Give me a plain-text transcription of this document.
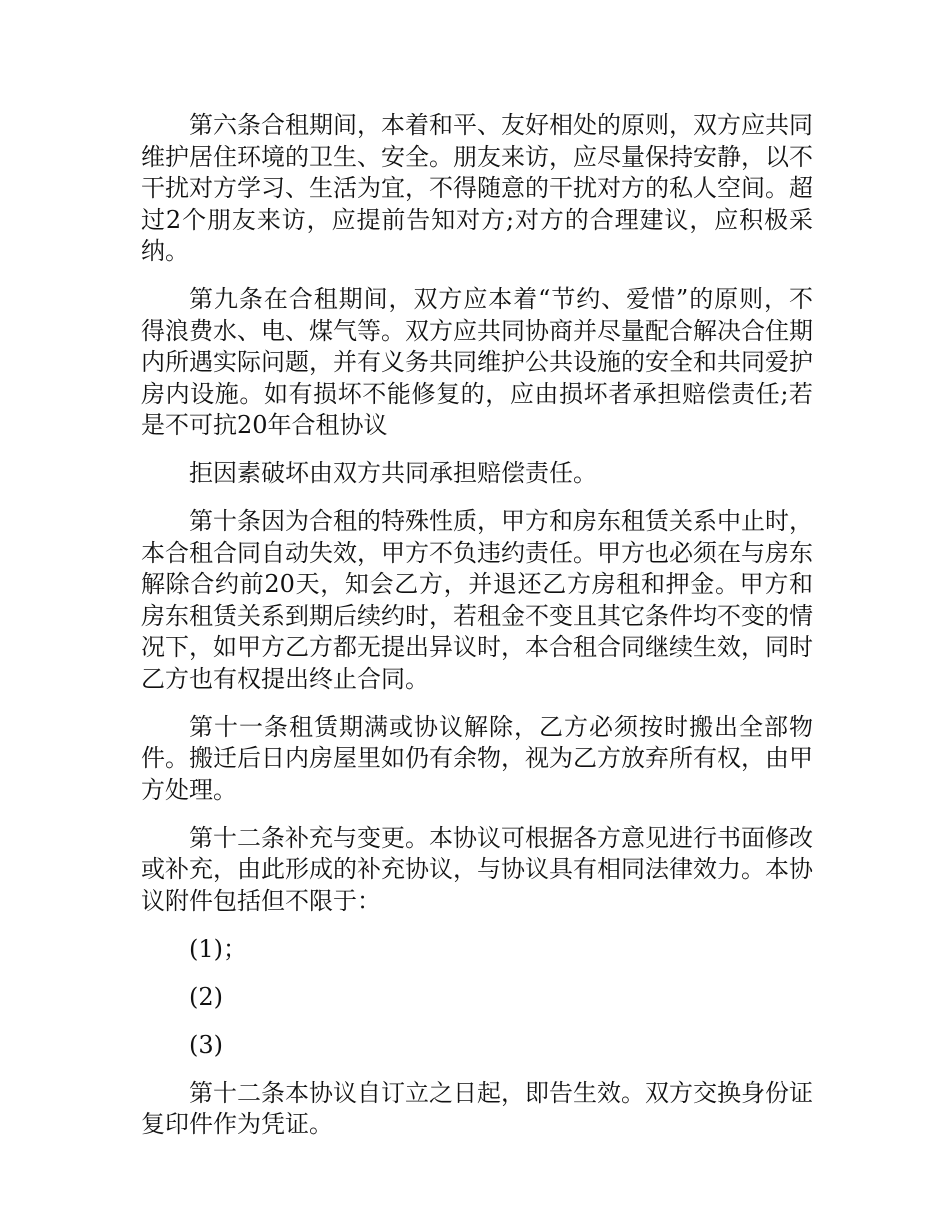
第六条合租期间，本着和平、友好相处的原则，双方应共同维护居住环境的卫生、安全。朋友来访，应尽量保持安静，以不干扰对方学习、生活为宜，不得随意的干扰对方的私人空间。超过2个朋友来访，应提前告知对方;对方的合理建议，应积极采纳。

第九条在合租期间，双方应本着“节约、爱惜”的原则，不得浪费水、电、煤气等。双方应共同协商并尽量配合解决合住期内所遇实际问题，并有义务共同维护公共设施的安全和共同爱护房内设施。如有损坏不能修复的，应由损坏者承担赔偿责任;若是不可抗20年合租协议

拒因素破坏由双方共同承担赔偿责任。

第十条因为合租的特殊性质，甲方和房东租赁关系中止时，本合租合同自动失效，甲方不负违约责任。甲方也必须在与房东解除合约前20天，知会乙方，并退还乙方房租和押金。甲方和房东租赁关系到期后续约时，若租金不变且其它条件均不变的情况下，如甲方乙方都无提出异议时，本合租合同继续生效，同时乙方也有权提出终止合同。

第十一条租赁期满或协议解除，乙方必须按时搬出全部物件。搬迁后日内房屋里如仍有余物，视为乙方放弃所有权，由甲方处理。

第十二条补充与变更。本协议可根据各方意见进行书面修改或补充，由此形成的补充协议，与协议具有相同法律效力。本协议附件包括但不限于：

(1)；

(2)

(3)

第十二条本协议自订立之日起，即告生效。双方交换身份证复印件作为凭证。
